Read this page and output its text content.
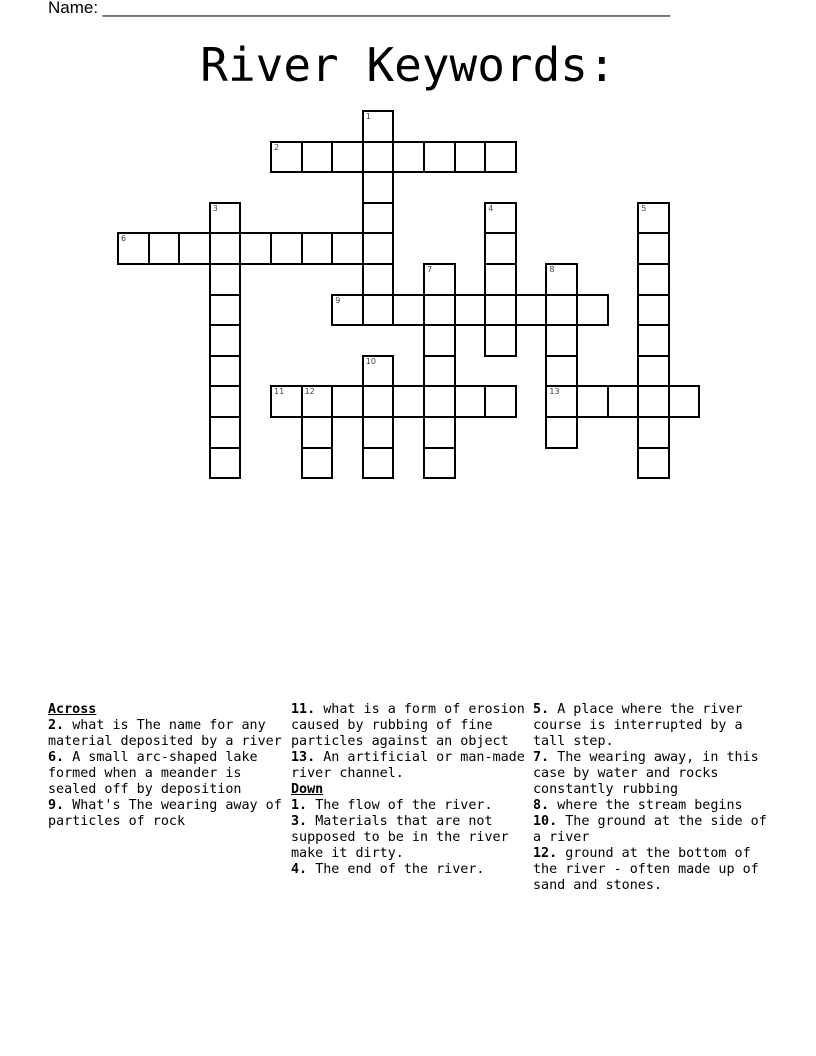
Name: ____________________________________________________________
River Keywords:
2
6
9
11	12	13
1
3	4	5
7	8
10
Across

2. what is The name for any material deposited by a river

6. A small arc-shaped lake formed when a meander is sealed off by deposition

9. What's The wearing away of particles of rock

11. what is a form of erosion caused by rubbing of fine particles against an object

13. An artificial or man-made river channel.

Down

1. The flow of the river.

3. Materials that are not supposed to be in the river make it dirty.

4. The end of the river.

5. A place where the river course is interrupted by a tall step.

7. The wearing away, in this case by water and rocks constantly rubbing

8. where the stream begins

10. The ground at the side of a river

12. ground at the bottom of the river - often made up of sand and stones.
